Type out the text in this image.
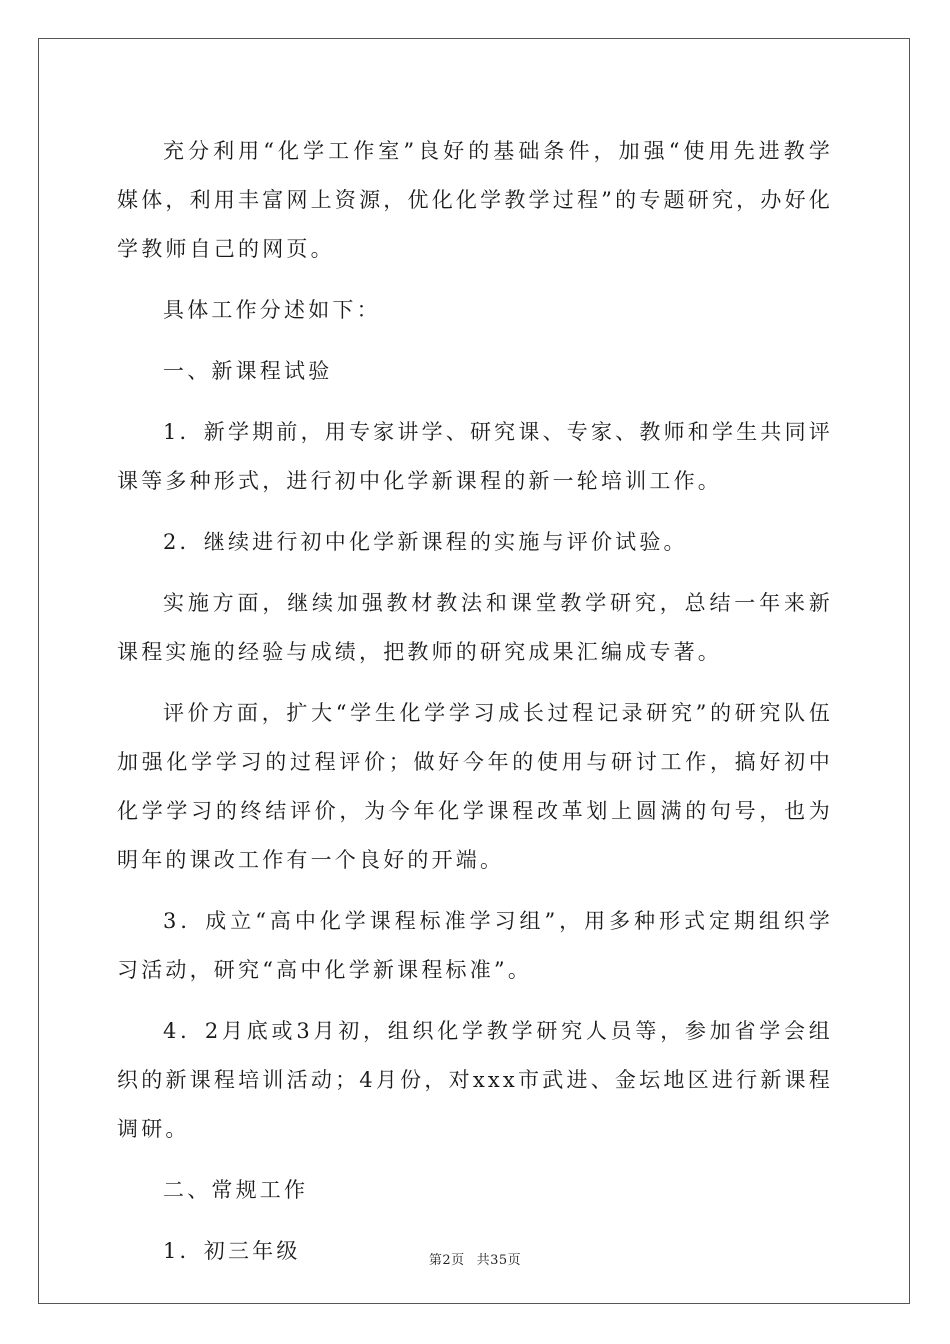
充分利用“化学工作室”良好的基础条件，加强“使用先进教学媒体，利用丰富网上资源，优化化学教学过程”的专题研究，办好化学教师自己的网页。

具体工作分述如下：

一、新课程试验

1．新学期前，用专家讲学、研究课、专家、教师和学生共同评课等多种形式，进行初中化学新课程的新一轮培训工作。

2．继续进行初中化学新课程的实施与评价试验。

实施方面，继续加强教材教法和课堂教学研究，总结一年来新课程实施的经验与成绩，把教师的研究成果汇编成专著。

评价方面，扩大“学生化学学习成长过程记录研究”的研究队伍加强化学学习的过程评价；做好今年的使用与研讨工作，搞好初中化学学习的终结评价，为今年化学课程改革划上圆满的句号，也为明年的课改工作有一个良好的开端。

3．成立“高中化学课程标准学习组”，用多种形式定期组织学习活动，研究“高中化学新课程标准”。

4．2月底或3月初，组织化学教学研究人员等，参加省学会组织的新课程培训活动；4月份，对xxx市武进、金坛地区进行新课程调研。

二、常规工作

1．初三年级	第2页 共35页
